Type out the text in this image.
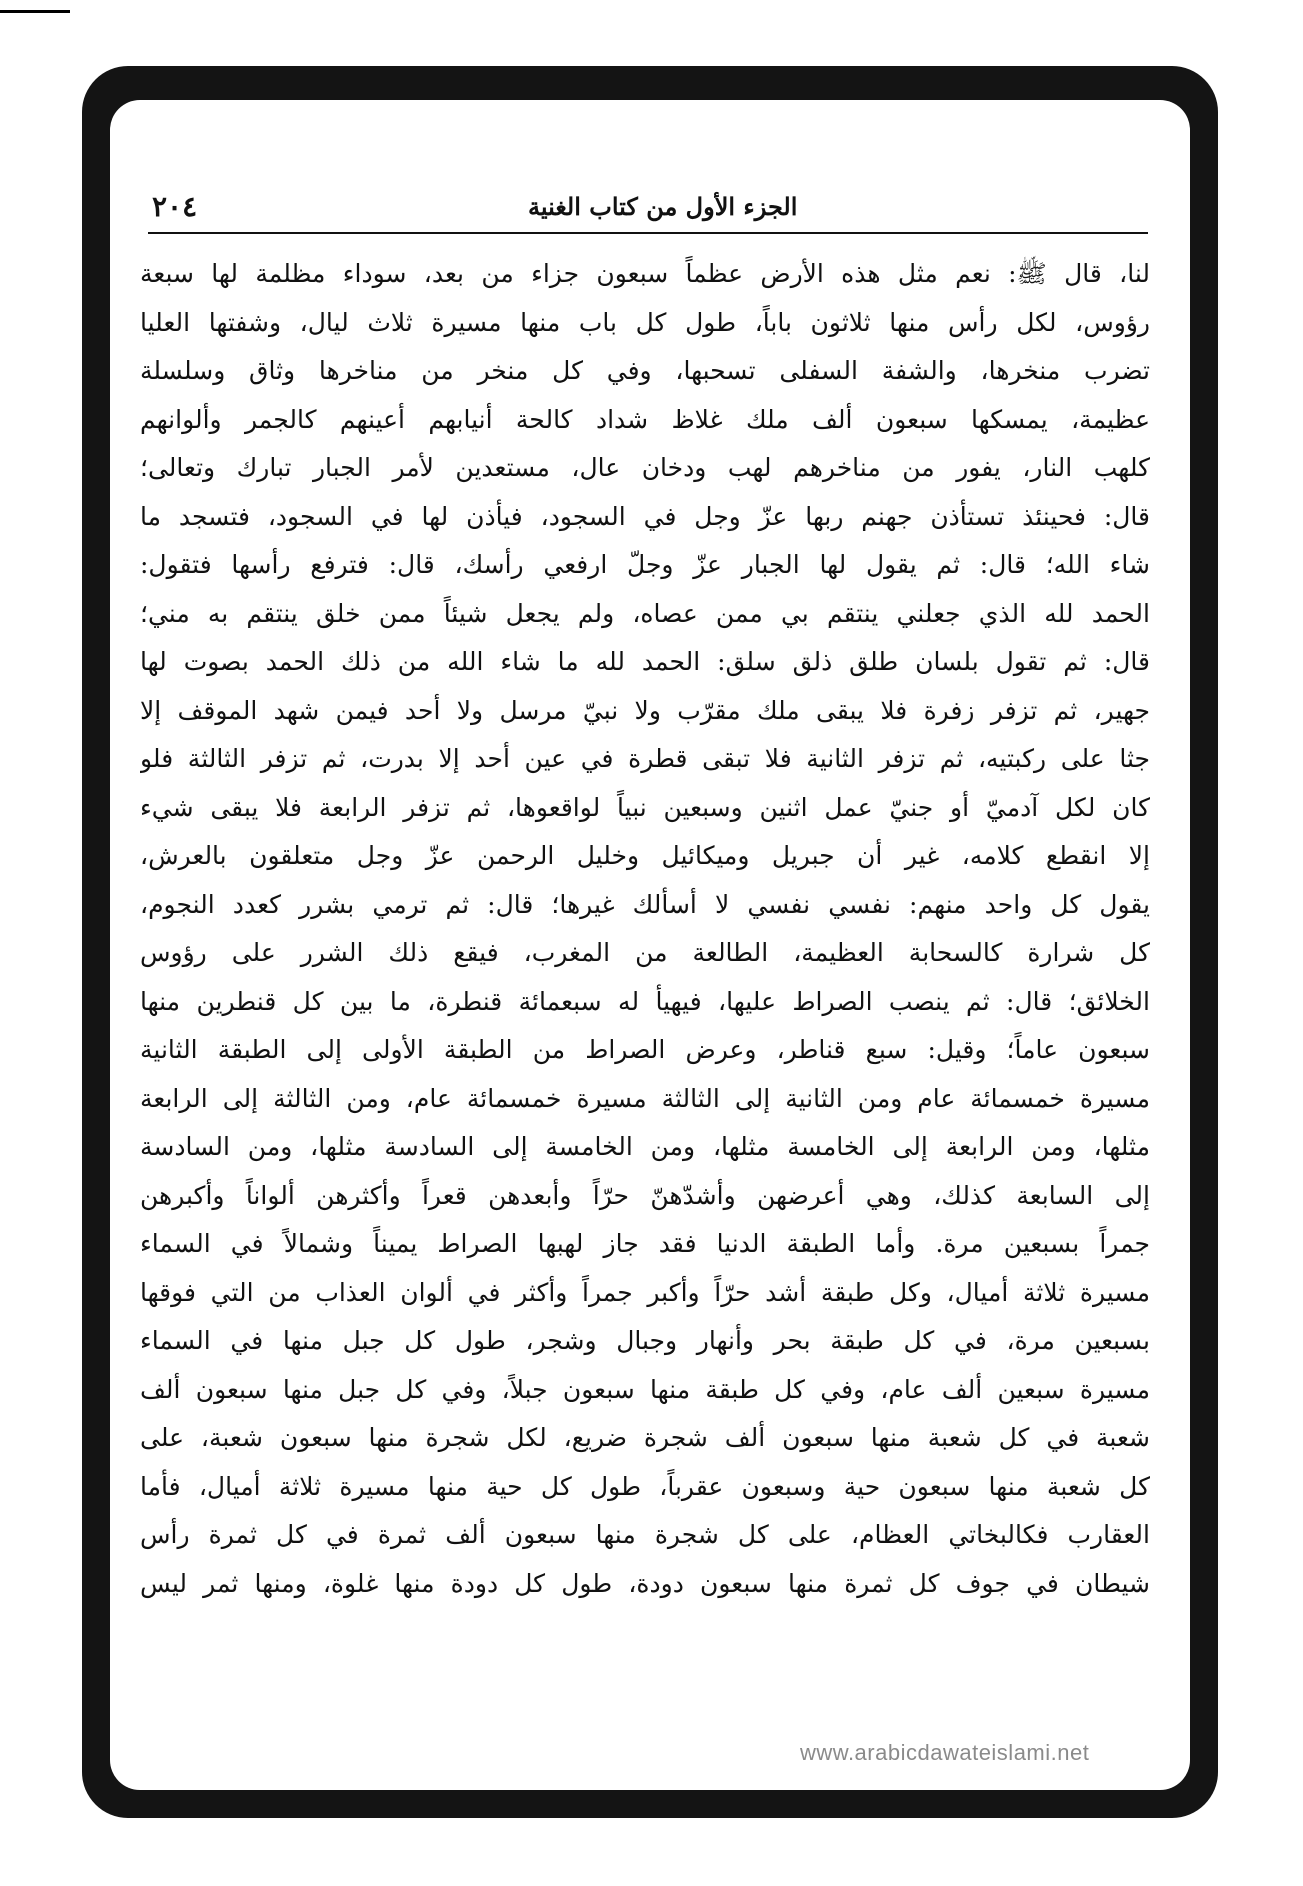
٢٠٤	الجزء الأول من كتاب الغنية
لنا، قال ﷺ: نعم مثل هذه الأرض عظماً سبعون جزاء من بعد، سوداء مظلمة لها سبعة
رؤوس، لكل رأس منها ثلاثون باباً، طول كل باب منها مسيرة ثلاث ليال، وشفتها العليا
تضرب منخرها، والشفة السفلى تسحبها، وفي كل منخر من مناخرها وثاق وسلسلة
عظيمة، يمسكها سبعون ألف ملك غلاظ شداد كالحة أنيابهم أعينهم كالجمر وألوانهم
كلهب النار، يفور من مناخرهم لهب ودخان عال، مستعدين لأمر الجبار تبارك وتعالى؛
قال: فحينئذ تستأذن جهنم ربها عزّ وجل في السجود، فيأذن لها في السجود، فتسجد ما
شاء الله؛ قال: ثم يقول لها الجبار عزّ وجلّ ارفعي رأسك، قال: فترفع رأسها فتقول:
الحمد لله الذي جعلني ينتقم بي ممن عصاه، ولم يجعل شيئاً ممن خلق ينتقم به مني؛
قال: ثم تقول بلسان طلق ذلق سلق: الحمد لله ما شاء الله من ذلك الحمد بصوت لها
جهير، ثم تزفر زفرة فلا يبقى ملك مقرّب ولا نبيّ مرسل ولا أحد فيمن شهد الموقف إلا
جثا على ركبتيه، ثم تزفر الثانية فلا تبقى قطرة في عين أحد إلا بدرت، ثم تزفر الثالثة فلو
كان لكل آدميّ أو جنيّ عمل اثنين وسبعين نبياً لواقعوها، ثم تزفر الرابعة فلا يبقى شيء
إلا انقطع كلامه، غير أن جبريل وميكائيل وخليل الرحمن عزّ وجل متعلقون بالعرش،
يقول كل واحد منهم: نفسي نفسي لا أسألك غيرها؛ قال: ثم ترمي بشرر كعدد النجوم،
كل شرارة كالسحابة العظيمة، الطالعة من المغرب، فيقع ذلك الشرر على رؤوس
الخلائق؛ قال: ثم ينصب الصراط عليها، فيهيأ له سبعمائة قنطرة، ما بين كل قنطرين منها
سبعون عاماً؛ وقيل: سبع قناطر، وعرض الصراط من الطبقة الأولى إلى الطبقة الثانية
مسيرة خمسمائة عام ومن الثانية إلى الثالثة مسيرة خمسمائة عام، ومن الثالثة إلى الرابعة
مثلها، ومن الرابعة إلى الخامسة مثلها، ومن الخامسة إلى السادسة مثلها، ومن السادسة
إلى السابعة كذلك، وهي أعرضهن وأشدّهنّ حرّاً وأبعدهن قعراً وأكثرهن ألواناً وأكبرهن
جمراً بسبعين مرة. وأما الطبقة الدنيا فقد جاز لهبها الصراط يميناً وشمالاً في السماء
مسيرة ثلاثة أميال، وكل طبقة أشد حرّاً وأكبر جمراً وأكثر في ألوان العذاب من التي فوقها
بسبعين مرة، في كل طبقة بحر وأنهار وجبال وشجر، طول كل جبل منها في السماء
مسيرة سبعين ألف عام، وفي كل طبقة منها سبعون جبلاً، وفي كل جبل منها سبعون ألف
شعبة في كل شعبة منها سبعون ألف شجرة ضريع، لكل شجرة منها سبعون شعبة، على
كل شعبة منها سبعون حية وسبعون عقرباً، طول كل حية منها مسيرة ثلاثة أميال، فأما
العقارب فكالبخاتي العظام، على كل شجرة منها سبعون ألف ثمرة في كل ثمرة رأس
شيطان في جوف كل ثمرة منها سبعون دودة، طول كل دودة منها غلوة، ومنها ثمر ليس
www.arabicdawateislami.net
